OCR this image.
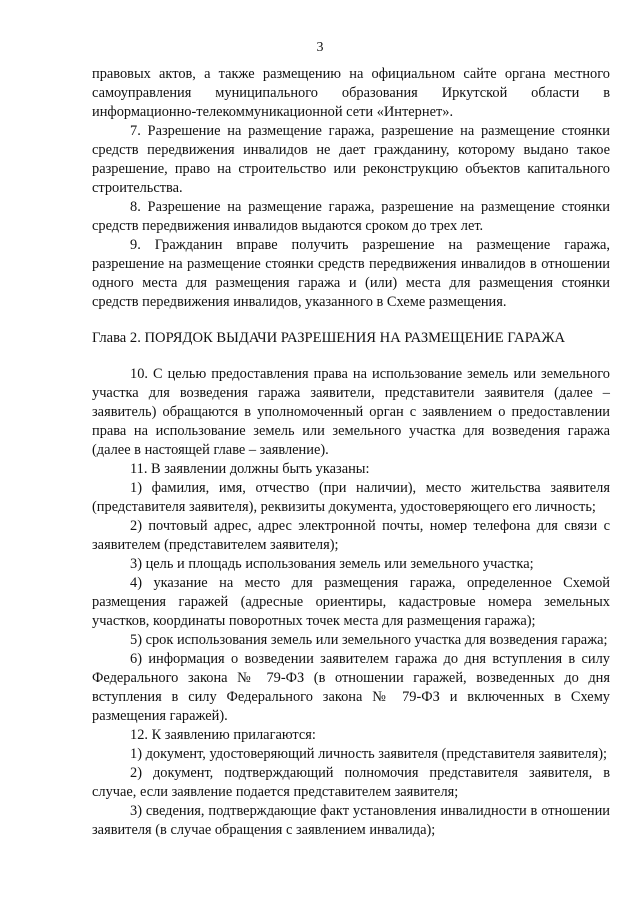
3

правовых актов, а также размещению на официальном сайте органа местного самоуправления муниципального образования Иркутской области в информационно-телекоммуникационной сети «Интернет».

7. Разрешение на размещение гаража, разрешение на размещение стоянки средств передвижения инвалидов не дает гражданину, которому выдано такое разрешение, право на строительство или реконструкцию объектов капитального строительства.

8. Разрешение на размещение гаража, разрешение на размещение стоянки средств передвижения инвалидов выдаются сроком до трех лет.

9. Гражданин вправе получить разрешение на размещение гаража, разрешение на размещение стоянки средств передвижения инвалидов в отношении одного места для размещения гаража и (или) места для размещения стоянки средств передвижения инвалидов, указанного в Схеме размещения.

Глава 2. ПОРЯДОК ВЫДАЧИ РАЗРЕШЕНИЯ НА РАЗМЕЩЕНИЕ ГАРАЖА

10. С целью предоставления права на использование земель или земельного участка для возведения гаража заявители, представители заявителя (далее – заявитель) обращаются в уполномоченный орган с заявлением о предоставлении права на использование земель или земельного участка для возведения гаража (далее в настоящей главе – заявление).

11. В заявлении должны быть указаны:

1) фамилия, имя, отчество (при наличии), место жительства заявителя (представителя заявителя), реквизиты документа, удостоверяющего его личность;

2) почтовый адрес, адрес электронной почты, номер телефона для связи с заявителем (представителем заявителя);

3) цель и площадь использования земель или земельного участка;

4) указание на место для размещения гаража, определенное Схемой размещения гаражей (адресные ориентиры, кадастровые номера земельных участков, координаты поворотных точек места для размещения гаража);

5) срок использования земель или земельного участка для возведения гаража;

6) информация о возведении заявителем гаража до дня вступления в силу Федерального закона № 79-ФЗ (в отношении гаражей, возведенных до дня вступления в силу Федерального закона № 79-ФЗ и включенных в Схему размещения гаражей).

12. К заявлению прилагаются:

1) документ, удостоверяющий личность заявителя (представителя заявителя);

2) документ, подтверждающий полномочия представителя заявителя, в случае, если заявление подается представителем заявителя;

3) сведения, подтверждающие факт установления инвалидности в отношении заявителя (в случае обращения с заявлением инвалида);
